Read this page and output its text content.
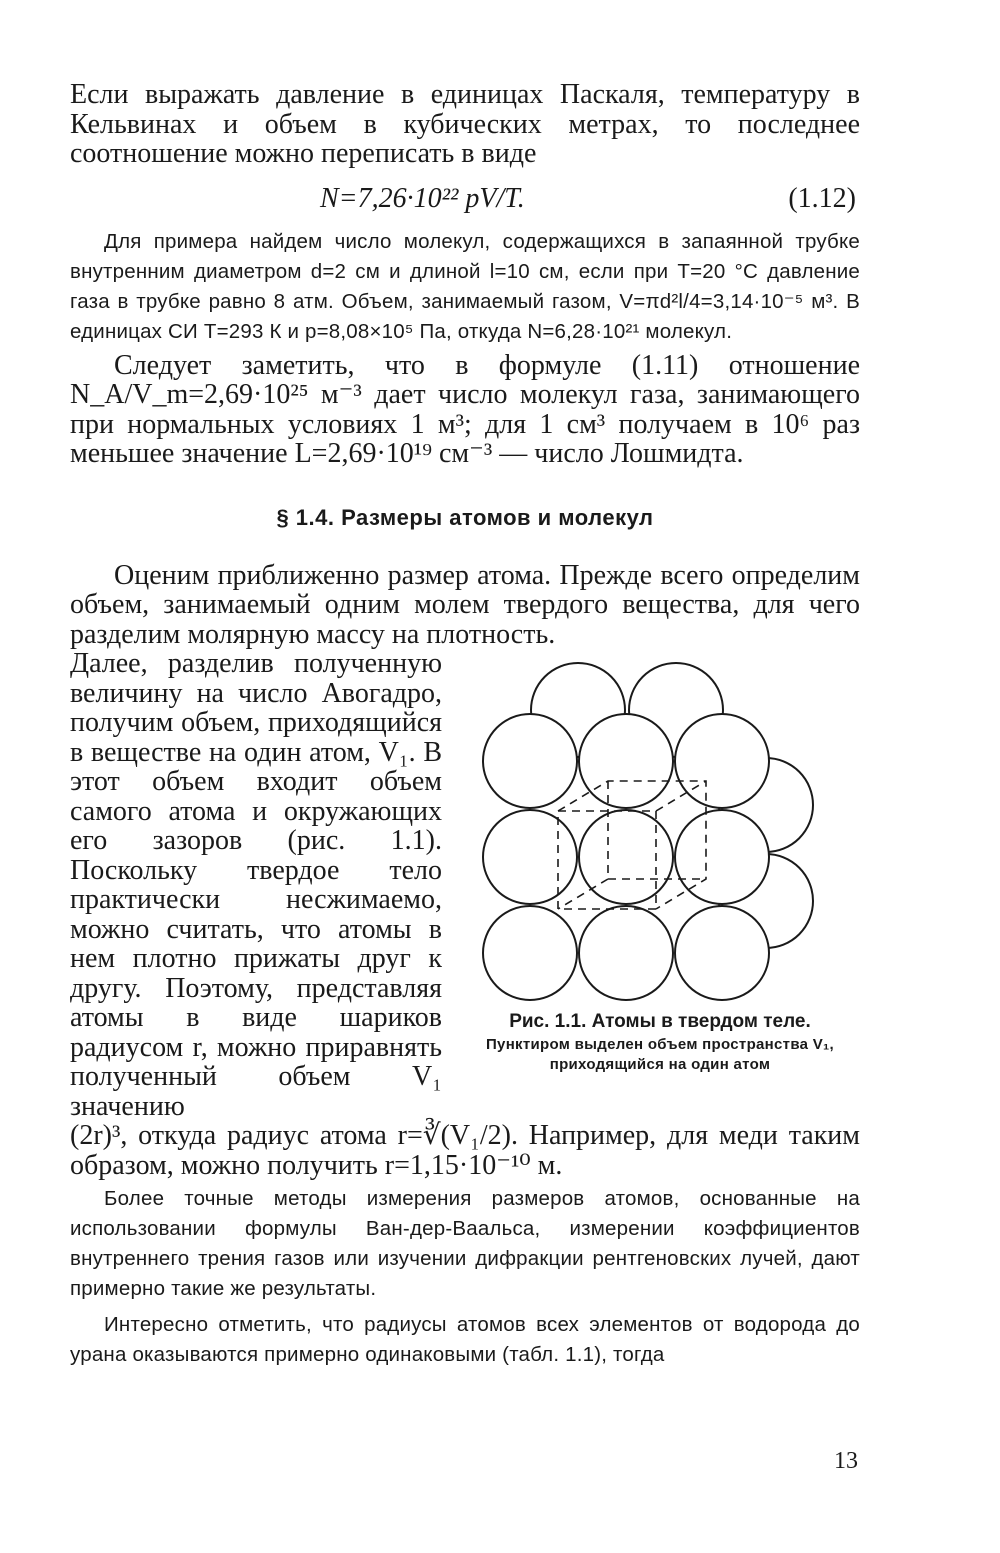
Если выражать давление в единицах Паскаля, температуру в Кельвинах и объем в кубических метрах, то последнее соотношение можно переписать в виде

N=7,26·10²² pV/T.	(1.12)

Для примера найдем число молекул, содержащихся в запаянной трубке внутренним диаметром d=2 см и длиной l=10 см, если при T=20 °С давление газа в трубке равно 8 атм. Объем, занимаемый газом, V=πd²l/4=3,14·10⁻⁵ м³. В единицах СИ T=293 К и p=8,08×10⁵ Па, откуда N=6,28·10²¹ молекул.

Следует заметить, что в формуле (1.11) отношение N_A/V_m=2,69·10²⁵ м⁻³ дает число молекул газа, занимающего при нормальных условиях 1 м³; для 1 см³ получаем в 10⁶ раз меньшее значение L=2,69·10¹⁹ см⁻³ — число Лошмидта.

§ 1.4. Размеры атомов и молекул

Оценим приближенно размер атома. Прежде всего определим объем, занимаемый одним молем твердого вещества, для чего разделим молярную массу на плотность.

Рис. 1.1. Атомы в твердом теле.
Пунктиром выделен объем пространства V₁, приходящийся на один атом

Далее, разделив полученную величину на число Авогадро, получим объем, приходящийся в веществе на один атом, V₁. В этот объем входит объем самого атома и окружающих его зазоров (рис. 1.1). Поскольку твердое тело практически несжимаемо, можно считать, что атомы в нем плотно прижаты друг к другу. Поэтому, представляя атомы в виде шариков радиусом r, можно приравнять полученный объем V₁ значению

(2r)³, откуда радиус атома r=∛(V₁/2). Например, для меди таким образом, можно получить r=1,15·10⁻¹⁰ м.

Более точные методы измерения размеров атомов, основанные на использовании формулы Ван-дер-Ваальса, измерении коэффициентов внутреннего трения газов или изучении дифракции рентгеновских лучей, дают примерно такие же результаты.

Интересно отметить, что радиусы атомов всех элементов от водорода до урана оказываются примерно одинаковыми (табл. 1.1), тогда

13
